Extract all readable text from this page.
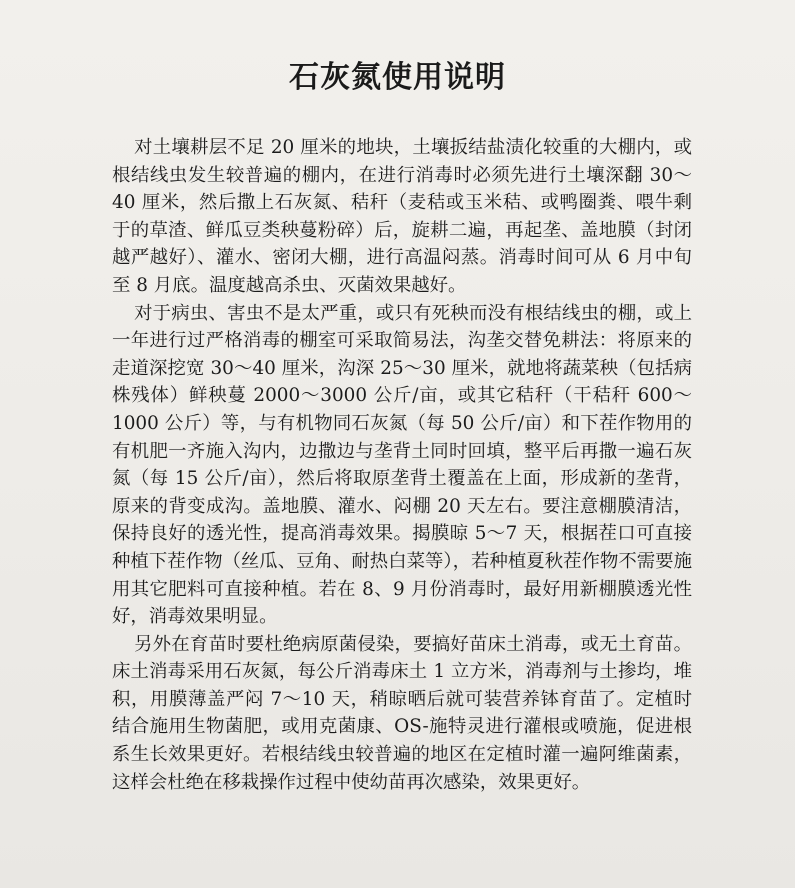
石灰氮使用说明

对土壤耕层不足 20 厘米的地块，土壤扳结盐渍化较重的大棚内，或根结线虫发生较普遍的棚内，在进行消毒时必须先进行土壤深翻 30～40 厘米，然后撒上石灰氮、秸秆（麦秸或玉米秸、或鸭圈粪、喂牛剩于的草渣、鲜瓜豆类秧蔓粉碎）后，旋耕二遍，再起垄、盖地膜（封闭越严越好）、灌水、密闭大棚，进行高温闷蒸。消毒时间可从 6 月中旬至 8 月底。温度越高杀虫、灭菌效果越好。

对于病虫、害虫不是太严重，或只有死秧而没有根结线虫的棚，或上一年进行过严格消毒的棚室可采取简易法，沟垄交替免耕法：将原来的走道深挖宽 30～40 厘米，沟深 25～30 厘米，就地将蔬菜秧（包括病株残体）鲜秧蔓 2000～3000 公斤/亩，或其它秸秆（干秸秆 600～1000 公斤）等，与有机物同石灰氮（每 50 公斤/亩）和下茬作物用的有机肥一齐施入沟内，边撒边与垄背土同时回填，整平后再撒一遍石灰氮（每 15 公斤/亩），然后将取原垄背土覆盖在上面，形成新的垄背，原来的背变成沟。盖地膜、灌水、闷棚 20 天左右。要注意棚膜清洁，保持良好的透光性，提高消毒效果。揭膜晾 5～7 天，根据茬口可直接种植下茬作物（丝瓜、豆角、耐热白菜等），若种植夏秋茬作物不需要施用其它肥料可直接种植。若在 8、9 月份消毒时，最好用新棚膜透光性好，消毒效果明显。

另外在育苗时要杜绝病原菌侵染，要搞好苗床土消毒，或无土育苗。床土消毒采用石灰氮，每公斤消毒床土 1 立方米，消毒剂与土掺均，堆积，用膜薄盖严闷 7～10 天，稍晾晒后就可装营养钵育苗了。定植时结合施用生物菌肥，或用克菌康、OS-施特灵进行灌根或喷施，促进根系生长效果更好。若根结线虫较普遍的地区在定植时灌一遍阿维菌素，这样会杜绝在移栽操作过程中使幼苗再次感染，效果更好。
